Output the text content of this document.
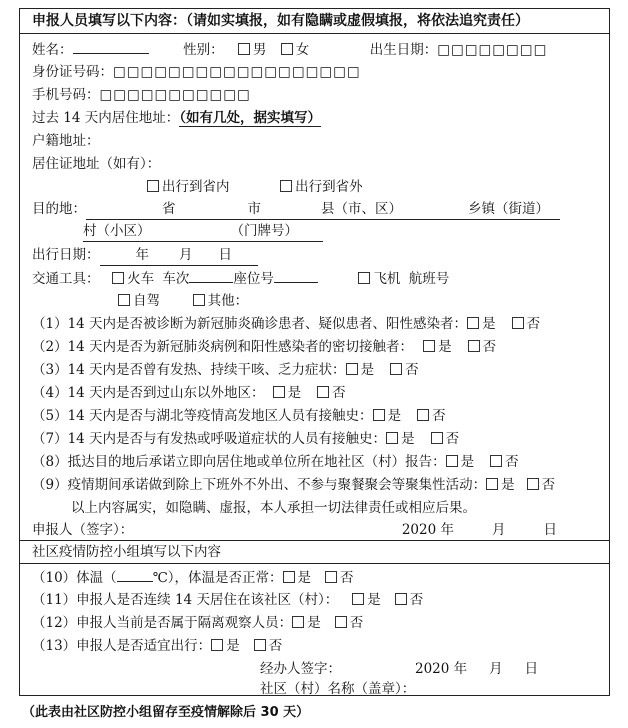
申报人员填写以下内容：（请如实填报，如有隐瞒或虚假填报，将依法追究责任）
姓名：	性别： 男 女	出生日期：□□□□□□□□
身份证号码：□□□□□□□□□□□□□□□□□□
手机号码：□□□□□□□□□□□
过去 14 天内居住地址：（如有几处，据实填写）
户籍地址：
居住证地址（如有）：
出行到省内	出行到省外
目的地：	省	市	县（市、区）	乡镇（街道）
村（小区）	（门牌号）
出行日期：	年 月 日
交通工具： 火车 车次	座位号	飞机 航班号
自驾	其他：
（1）14 天内是否被诊断为新冠肺炎确诊患者、疑似患者、阳性感染者： 是 否
（2）14 天内是否为新冠肺炎病例和阳性感染者的密切接触者： 是 否
（3）14 天内是否曾有发热、持续干咳、乏力症状： 是 否
（4）14 天内是否到过山东以外地区： 是 否
（5）14 天内是否与湖北等疫情高发地区人员有接触史： 是 否
（7）14 天内是否与有发热或呼吸道症状的人员有接触史： 是 否
（8）抵达目的地后承诺立即向居住地或单位所在地社区（村）报告： 是 否
（9）疫情期间承诺做到除上下班外不外出、不参与聚餐聚会等聚集性活动： 是 否
以上内容属实，如隐瞒、虚报，本人承担一切法律责任或相应后果。
申报人（签字）：	2020 年	月	日
社区疫情防控小组填写以下内容
（10）体温（	℃），体温是否正常： 是 否
（11）申报人是否连续 14 天居住在该社区（村）： 是 否
（12）申报人当前是否属于隔离观察人员： 是 否
（13）申报人是否适宜出行： 是 否
经办人签字：	2020 年 月 日
社区（村）名称（盖章）：
（此表由社区防控小组留存至疫情解除后 30 天）
